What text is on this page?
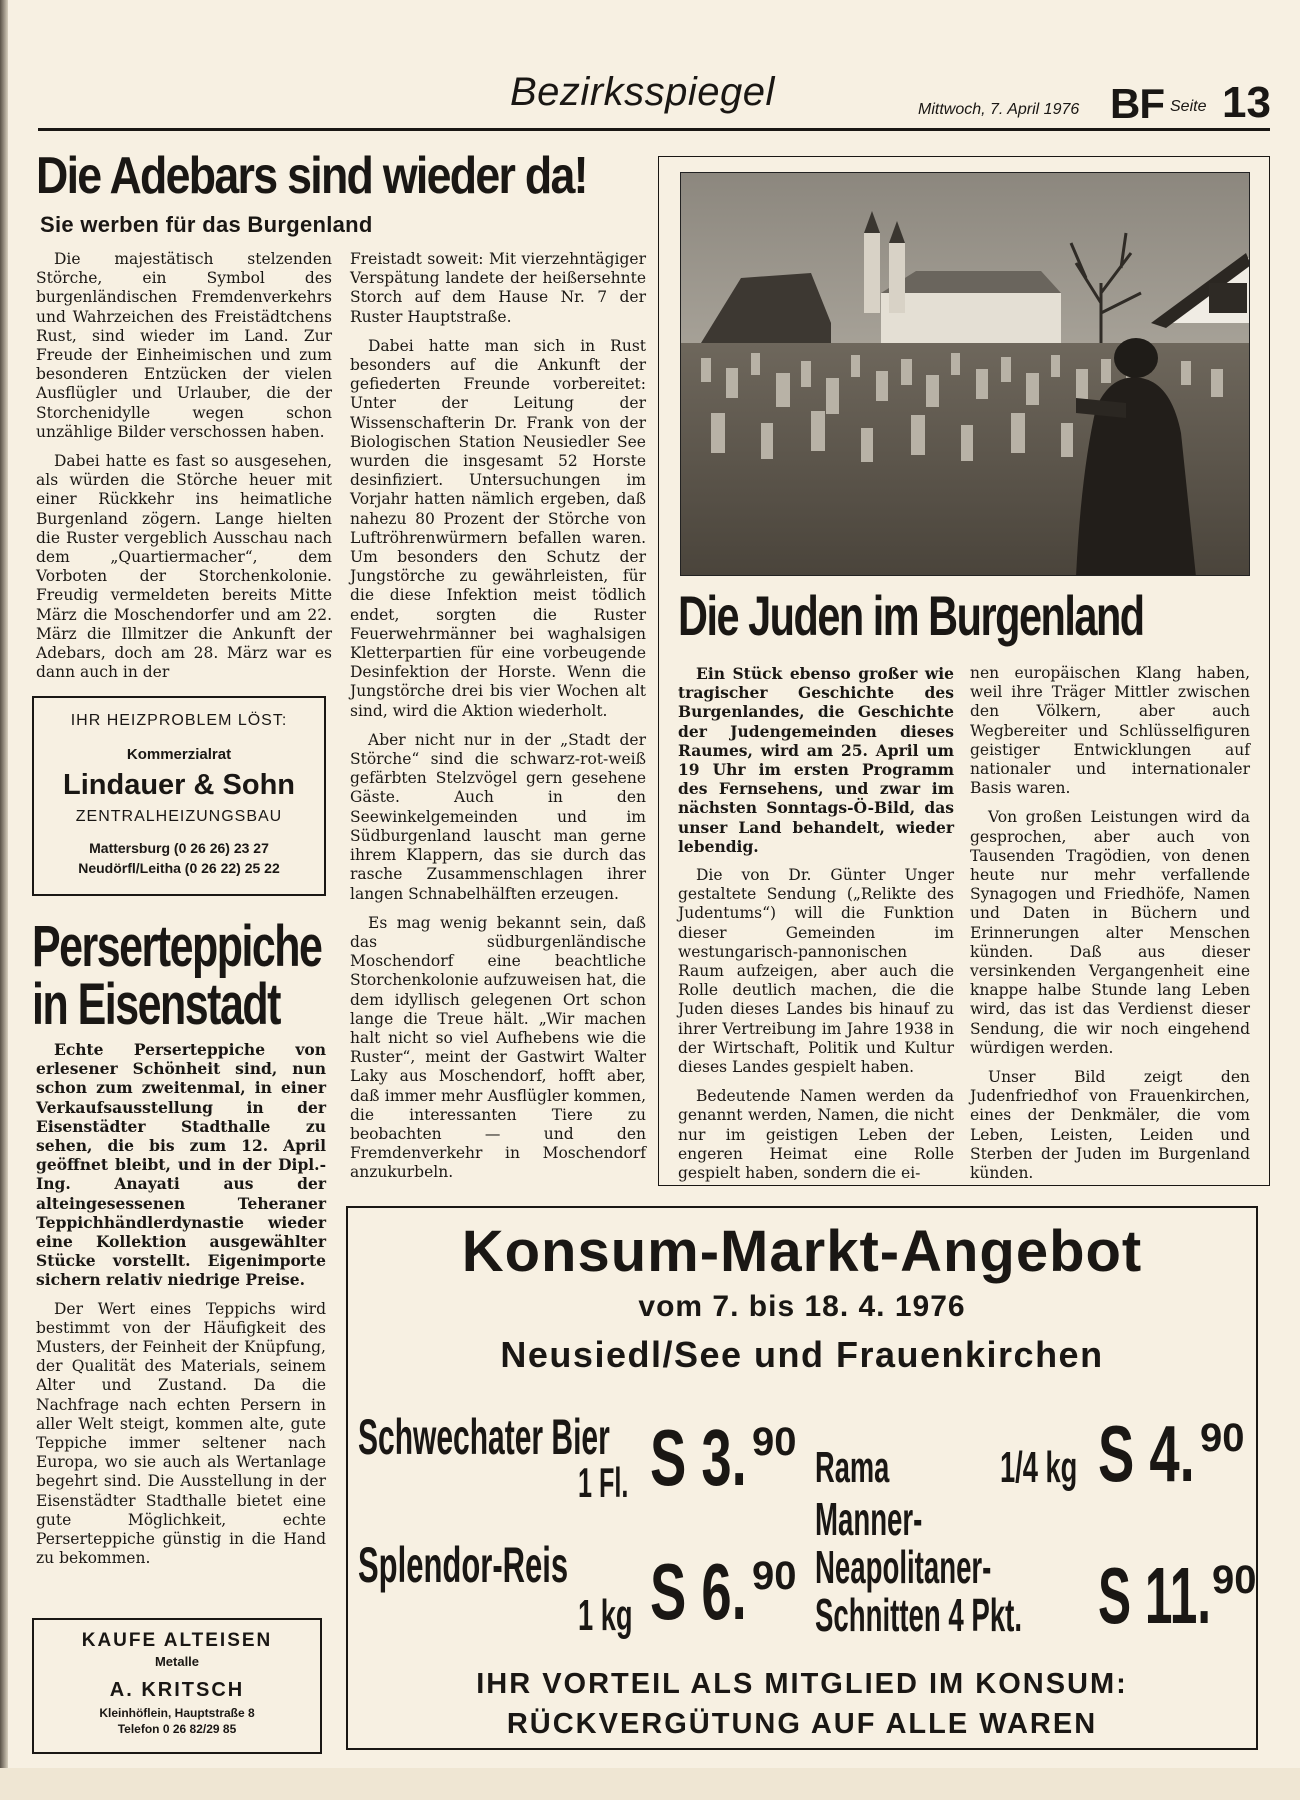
Bezirksspiegel	Mittwoch, 7. April 1976 BF Seite 13
Die Adebars sind wieder da!
Sie werben für das Burgenland

Die majestätisch stelzenden Störche, ein Symbol des burgenländischen Fremdenverkehrs und Wahrzeichen des Freistädtchens Rust, sind wieder im Land. Zur Freude der Einheimischen und zum besonderen Entzücken der vielen Ausflügler und Urlauber, die der Storchenidylle wegen schon unzählige Bilder verschossen haben.

Dabei hatte es fast so ausgesehen, als würden die Störche heuer mit einer Rückkehr ins heimatliche Burgenland zögern. Lange hielten die Ruster vergeblich Ausschau nach dem „Quartiermacher“, dem Vorboten der Storchenkolonie. Freudig vermeldeten bereits Mitte März die Moschendorfer und am 22. März die Illmitzer die Ankunft der Adebars, doch am 28. März war es dann auch in der

Freistadt soweit: Mit vierzehntägiger Verspätung landete der heißersehnte Storch auf dem Hause Nr. 7 der Ruster Hauptstraße.

Dabei hatte man sich in Rust besonders auf die Ankunft der gefiederten Freunde vorbereitet: Unter der Leitung der Wissenschafterin Dr. Frank von der Biologischen Station Neusiedler See wurden die insgesamt 52 Horste desinfiziert. Untersuchungen im Vorjahr hatten nämlich ergeben, daß nahezu 80 Prozent der Störche von Luftröhrenwürmern befallen waren. Um besonders den Schutz der Jungstörche zu gewährleisten, für die diese Infektion meist tödlich endet, sorgten die Ruster Feuerwehrmänner bei waghalsigen Kletterpartien für eine vorbeugende Desinfektion der Horste. Wenn die Jungstörche drei bis vier Wochen alt sind, wird die Aktion wiederholt.

Aber nicht nur in der „Stadt der Störche“ sind die schwarz-rot-weiß gefärbten Stelzvögel gern gesehene Gäste. Auch in den Seewinkelgemeinden und im Südburgenland lauscht man gerne ihrem Klappern, das sie durch das rasche Zusammenschlagen ihrer langen Schnabelhälften erzeugen.

Es mag wenig bekannt sein, daß das südburgenländische Moschendorf eine beachtliche Storchenkolonie aufzuweisen hat, die dem idyllisch gelegenen Ort schon lange die Treue hält. „Wir machen halt nicht so viel Aufhebens wie die Ruster“, meint der Gastwirt Walter Laky aus Moschendorf, hofft aber, daß immer mehr Ausflügler kommen, die interessanten Tiere zu beobachten — und den Fremdenverkehr in Moschendorf anzukurbeln.

IHR HEIZPROBLEM LÖST:
Kommerzialrat
Lindauer & Sohn
ZENTRALHEIZUNGSBAU
Mattersburg (0 26 26) 23 27
Neudörfl/Leitha (0 26 22) 25 22
Perserteppiche
in Eisenstadt

Echte Perserteppiche von erlesener Schönheit sind, nun schon zum zweitenmal, in einer Verkaufsausstellung in der Eisenstädter Stadthalle zu sehen, die bis zum 12. April geöffnet bleibt, und in der Dipl.-Ing. Anayati aus der alteingesessenen Teheraner Teppichhändlerdynastie wieder eine Kollektion ausgewählter Stücke vorstellt. Eigenimporte sichern relativ niedrige Preise.

Der Wert eines Teppichs wird bestimmt von der Häufigkeit des Musters, der Feinheit der Knüpfung, der Qualität des Materials, seinem Alter und Zustand. Da die Nachfrage nach echten Persern in aller Welt steigt, kommen alte, gute Teppiche immer seltener nach Europa, wo sie auch als Wertanlage begehrt sind. Die Ausstellung in der Eisenstädter Stadthalle bietet eine gute Möglichkeit, echte Perserteppiche günstig in die Hand zu bekommen.

KAUFE ALTEISEN
Metalle
A. KRITSCH
Kleinhöflein, Hauptstraße 8
Telefon 0 26 82/29 85
Die Juden im Burgenland

Ein Stück ebenso großer wie tragischer Geschichte des Burgenlandes, die Geschichte der Judengemeinden dieses Raumes, wird am 25. April um 19 Uhr im ersten Programm des Fernsehens, und zwar im nächsten Sonntags-Ö-Bild, das unser Land behandelt, wieder lebendig.

Die von Dr. Günter Unger gestaltete Sendung („Relikte des Judentums“) will die Funktion dieser Gemeinden im westungarisch-pannonischen Raum aufzeigen, aber auch die Rolle deutlich machen, die die Juden dieses Landes bis hinauf zu ihrer Vertreibung im Jahre 1938 in der Wirtschaft, Politik und Kultur dieses Landes gespielt haben.

Bedeutende Namen werden da genannt werden, Namen, die nicht nur im geistigen Leben der engeren Heimat eine Rolle gespielt haben, sondern die ei-

nen europäischen Klang haben, weil ihre Träger Mittler zwischen den Völkern, aber auch Wegbereiter und Schlüsselfiguren geistiger Entwicklungen auf nationaler und internationaler Basis waren.

Von großen Leistungen wird da gesprochen, aber auch von Tausenden Tragödien, von denen heute nur mehr verfallende Synagogen und Friedhöfe, Namen und Daten in Büchern und Erinnerungen alter Menschen künden. Daß aus dieser versinkenden Vergangenheit eine knappe halbe Stunde lang Leben wird, das ist das Verdienst dieser Sendung, die wir noch eingehend würdigen werden.

Unser Bild zeigt den Judenfriedhof von Frauenkirchen, eines der Denkmäler, die vom Leben, Leisten, Leiden und Sterben der Juden im Burgenland künden.

Konsum-Markt-Angebot
vom 7. bis 18. 4. 1976
Neusiedl/See und Frauenkirchen
Schwechater Bier
1 Fl. S 3. 90
Rama	1/4 kg S 4. 90
Splendor-Reis
1 kg S 6. 90
Manner-
Neapolitaner-
Schnitten 4 Pkt. S 11. 90
IHR VORTEIL ALS MITGLIED IM KONSUM:
RÜCKVERGÜTUNG AUF ALLE WAREN
